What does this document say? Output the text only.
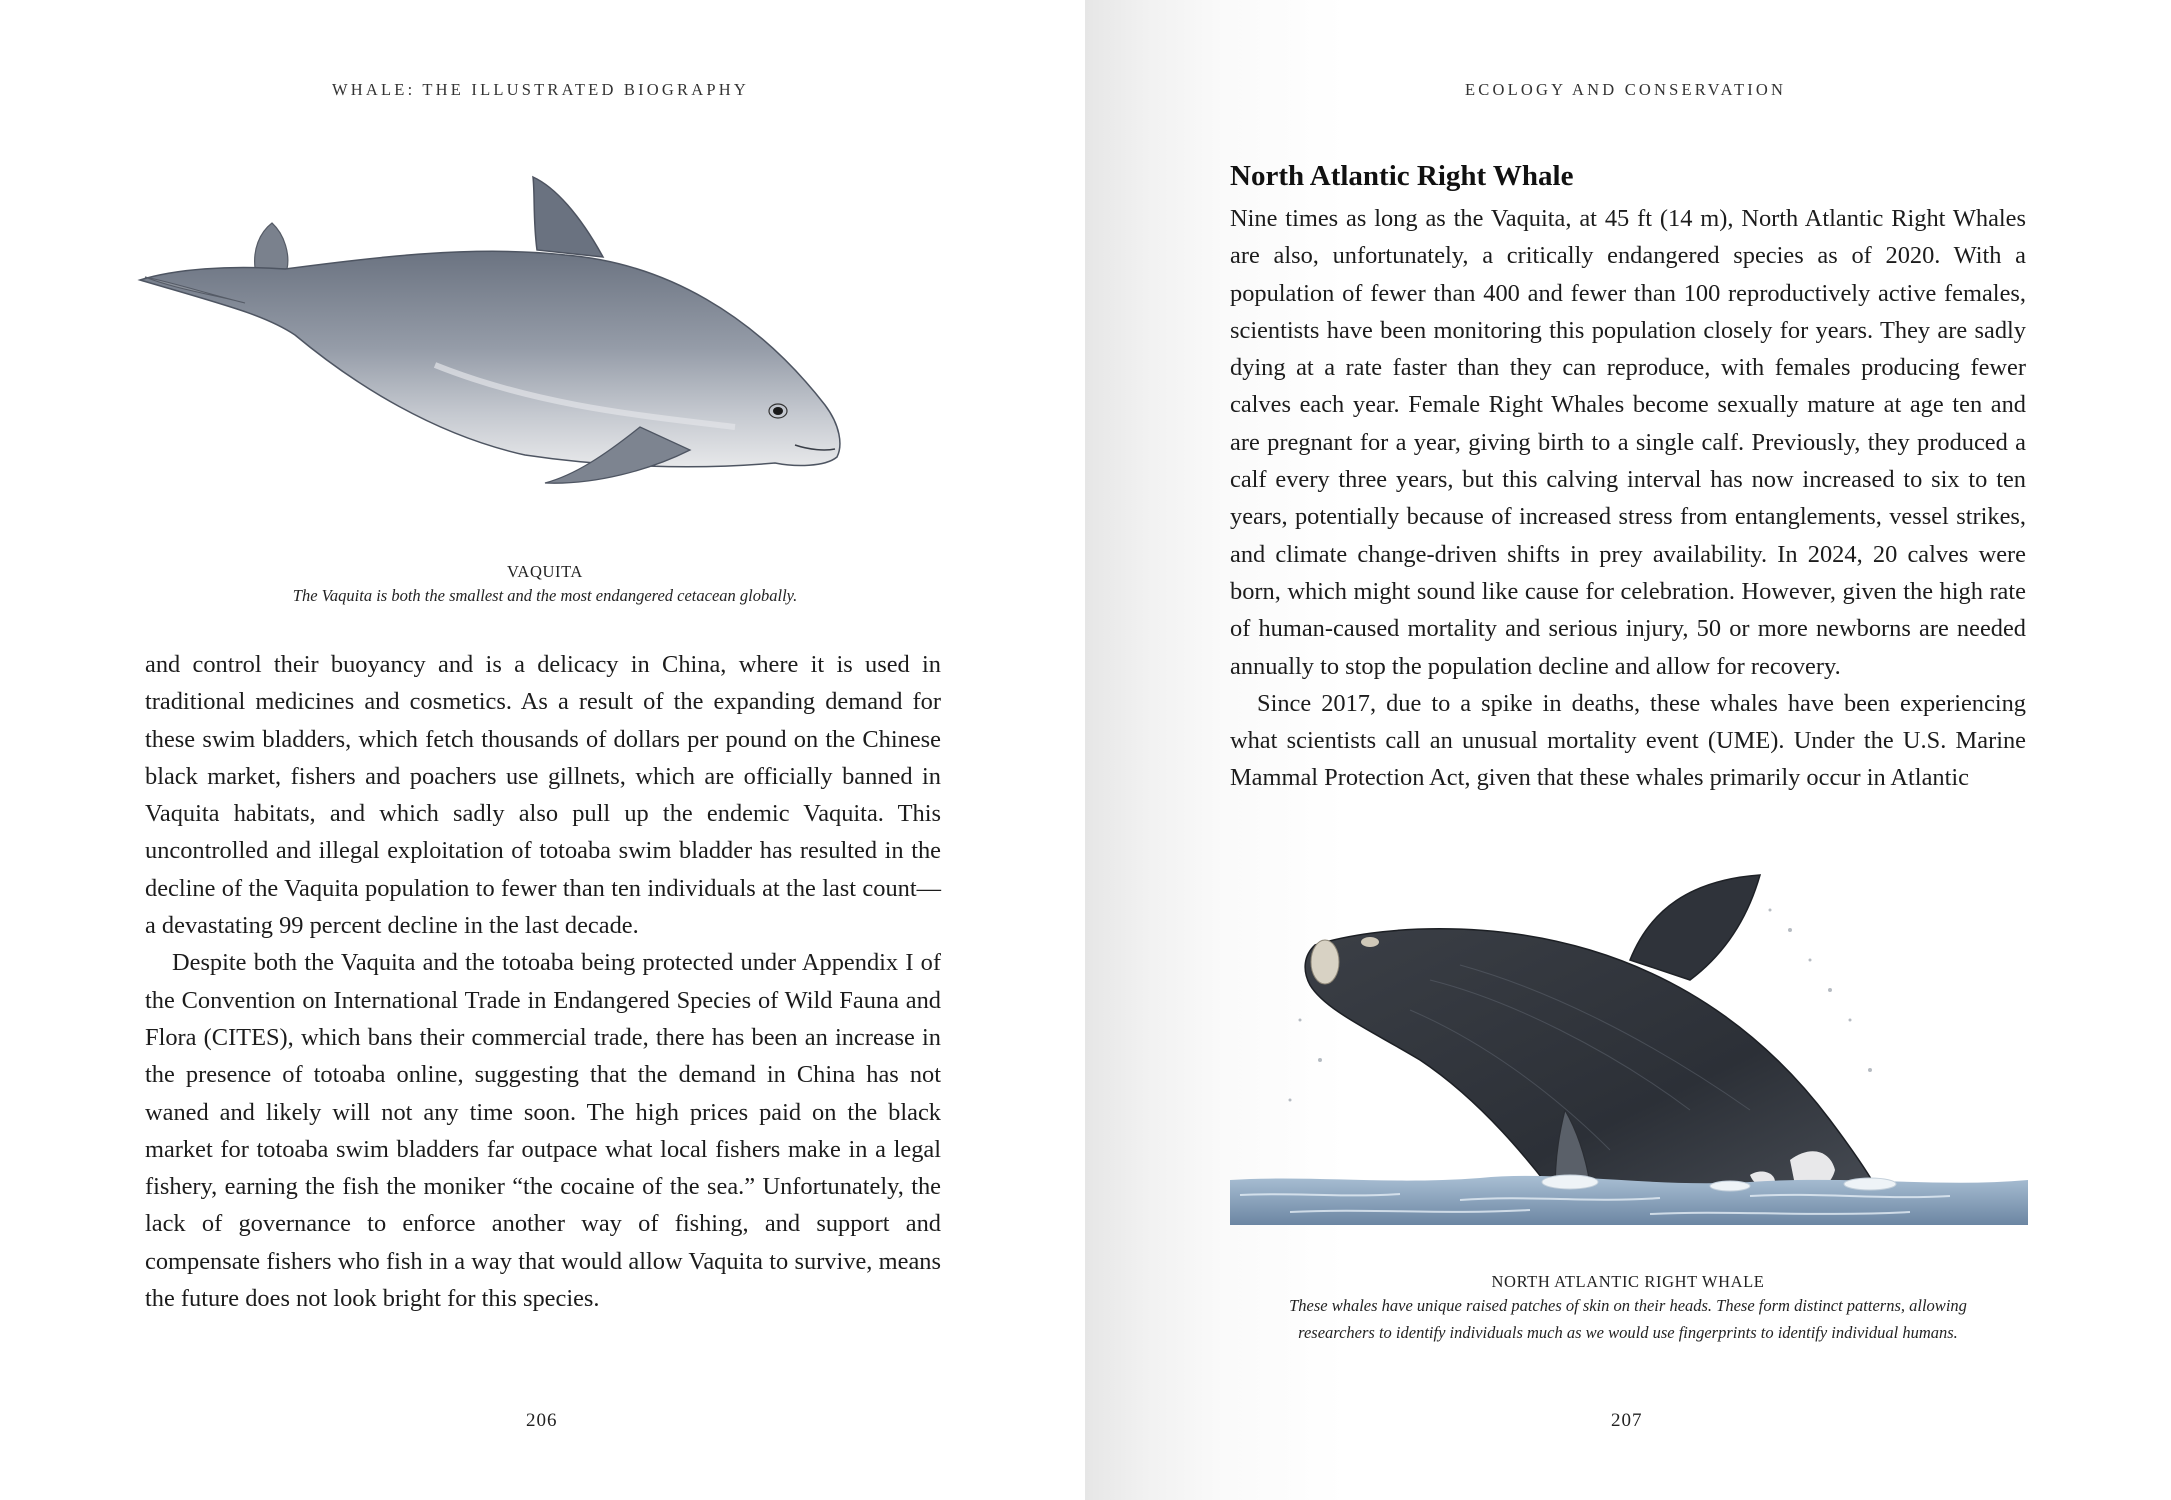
WHALE: THE ILLUSTRATED BIOGRAPHY
VAQUITA
The Vaquita is both the smallest and the most endangered cetacean globally.

and control their buoyancy and is a delicacy in China, where it is used in traditional medicines and cosmetics. As a result of the expanding demand for these swim bladders, which fetch thousands of dollars per pound on the Chinese black market, fishers and poachers use gillnets, which are officially banned in Vaquita habitats, and which sadly also pull up the endemic Vaquita. This uncontrolled and illegal exploitation of totoaba swim bladder has resulted in the decline of the Vaquita population to fewer than ten individuals at the last count—a devastating 99 percent decline in the last decade.

Despite both the Vaquita and the totoaba being protected under Appendix I of the Convention on International Trade in Endangered Species of Wild Fauna and Flora (CITES), which bans their commercial trade, there has been an increase in the presence of totoaba online, suggesting that the demand in China has not waned and likely will not any time soon. The high prices paid on the black market for totoaba swim bladders far outpace what local fishers make in a legal fishery, earning the fish the moniker “the cocaine of the sea.” Unfortunately, the lack of governance to enforce another way of fishing, and support and compensate fishers who fish in a way that would allow Vaquita to survive, means the future does not look bright for this species.

206
ECOLOGY AND CONSERVATION
North Atlantic Right Whale

Nine times as long as the Vaquita, at 45 ft (14 m), North Atlantic Right Whales are also, unfortunately, a critically endangered species as of 2020. With a population of fewer than 400 and fewer than 100 reproductively active females, scientists have been monitoring this population closely for years. They are sadly dying at a rate faster than they can reproduce, with females producing fewer calves each year. Female Right Whales become sexually mature at age ten and are pregnant for a year, giving birth to a single calf. Previously, they produced a calf every three years, but this calving interval has now increased to six to ten years, potentially because of increased stress from entanglements, vessel strikes, and climate change-driven shifts in prey availability. In 2024, 20 calves were born, which might sound like cause for celebration. However, given the high rate of human-caused mortality and serious injury, 50 or more newborns are needed annually to stop the population decline and allow for recovery.

Since 2017, due to a spike in deaths, these whales have been experiencing what scientists call an unusual mortality event (UME). Under the U.S. Marine Mammal Protection Act, given that these whales primarily occur in Atlantic

NORTH ATLANTIC RIGHT WHALE
These whales have unique raised patches of skin on their heads. These form distinct patterns, allowing researchers to identify individuals much as we would use fingerprints to identify individual humans.
207
